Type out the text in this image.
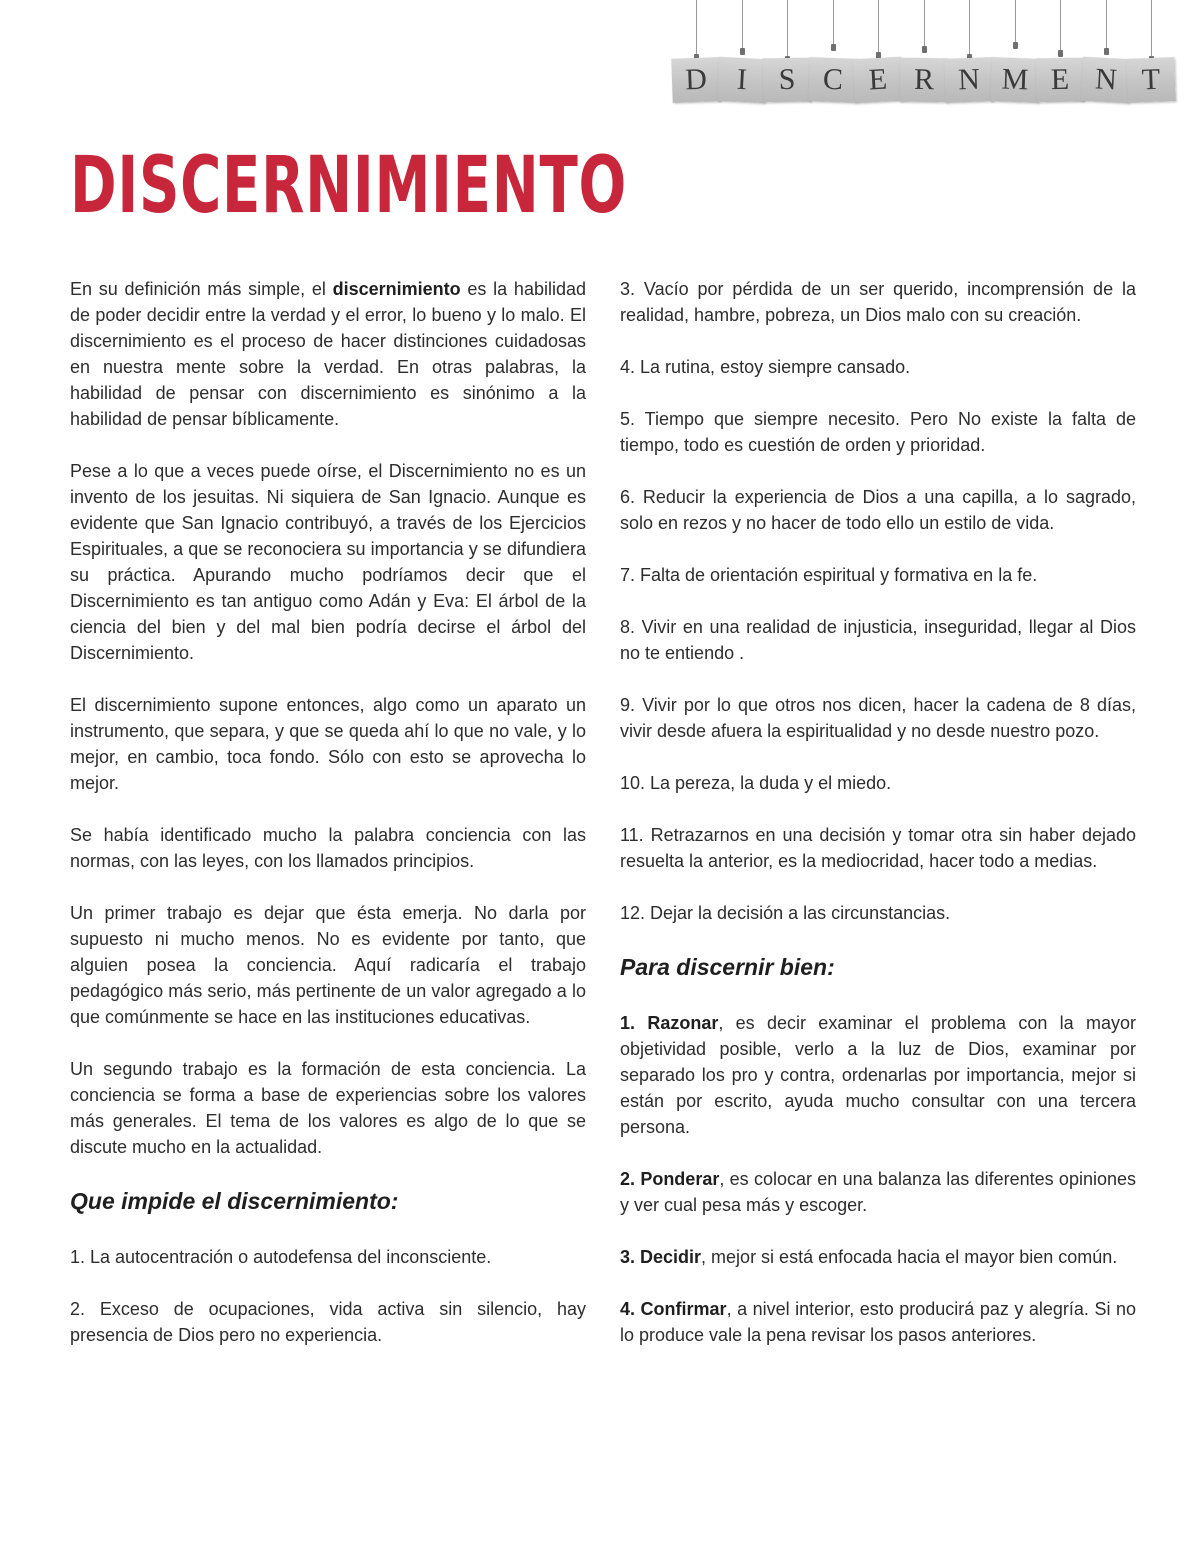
D I	S C E R N M E N T
DISCERNIMIENTO

En su definición más simple, el discernimiento es la habilidad de poder decidir entre la verdad y el error, lo bueno y lo malo. El discernimiento es el proceso de hacer distinciones cuidadosas en nuestra mente sobre la verdad. En otras palabras, la habilidad de pensar con discernimiento es sinónimo a la habilidad de pensar bíblicamente.

Pese a lo que a veces puede oírse, el Discernimiento no es un invento de los jesuitas. Ni siquiera de San Ignacio. Aunque es evidente que San Ignacio contribuyó, a través de los Ejercicios Espirituales, a que se reconociera su importancia y se difundiera su práctica. Apurando mucho podríamos decir que el Discernimiento es tan antiguo como Adán y Eva: El árbol de la ciencia del bien y del mal bien podría decirse el árbol del Discernimiento.

El discernimiento supone entonces, algo como un aparato un instrumento, que separa, y que se queda ahí lo que no vale, y lo mejor, en cambio, toca fondo. Sólo con esto se aprovecha lo mejor.

Se había identificado mucho la palabra conciencia con las normas, con las leyes, con los llamados principios.

Un primer trabajo es dejar que ésta emerja. No darla por supuesto ni mucho menos. No es evidente por tanto, que alguien posea la conciencia. Aquí radicaría el trabajo pedagógico más serio, más pertinente de un valor agregado a lo que comúnmente se hace en las instituciones educativas.

Un segundo trabajo es la formación de esta conciencia. La conciencia se forma a base de experiencias sobre los valores más generales. El tema de los valores es algo de lo que se discute mucho en la actualidad.

Que impide el discernimiento:

1. La autocentración o autodefensa del inconsciente.

2. Exceso de ocupaciones, vida activa sin silencio, hay presencia de Dios pero no experiencia.

3. Vacío por pérdida de un ser querido, incomprensión de la realidad, hambre, pobreza, un Dios malo con su creación.

4. La rutina, estoy siempre cansado.

5. Tiempo que siempre necesito. Pero No existe la falta de tiempo, todo es cuestión de orden y prioridad.

6. Reducir la experiencia de Dios a una capilla, a lo sagrado, solo en rezos y no hacer de todo ello un estilo de vida.

7. Falta de orientación espiritual y formativa en la fe.

8. Vivir en una realidad de injusticia, inseguridad, llegar al Dios no te entiendo .

9. Vivir por lo que otros nos dicen, hacer la cadena de 8 días, vivir desde afuera la espiritualidad y no desde nuestro pozo.

10. La pereza, la duda y el miedo.

11. Retrazarnos en una decisión y tomar otra sin haber dejado resuelta la anterior, es la mediocridad, hacer todo a medias.

12. Dejar la decisión a las circunstancias.

Para discernir bien:

1. Razonar, es decir examinar el problema con la mayor objetividad posible, verlo a la luz de Dios, examinar por separado los pro y contra, ordenarlas por importancia, mejor si están por escrito, ayuda mucho consultar con una tercera persona.

2. Ponderar, es colocar en una balanza las diferentes opiniones y ver cual pesa más y escoger.

3. Decidir, mejor si está enfocada hacia el mayor bien común.

4. Confirmar, a nivel interior, esto producirá paz y alegría. Si no lo produce vale la pena revisar los pasos anteriores.
